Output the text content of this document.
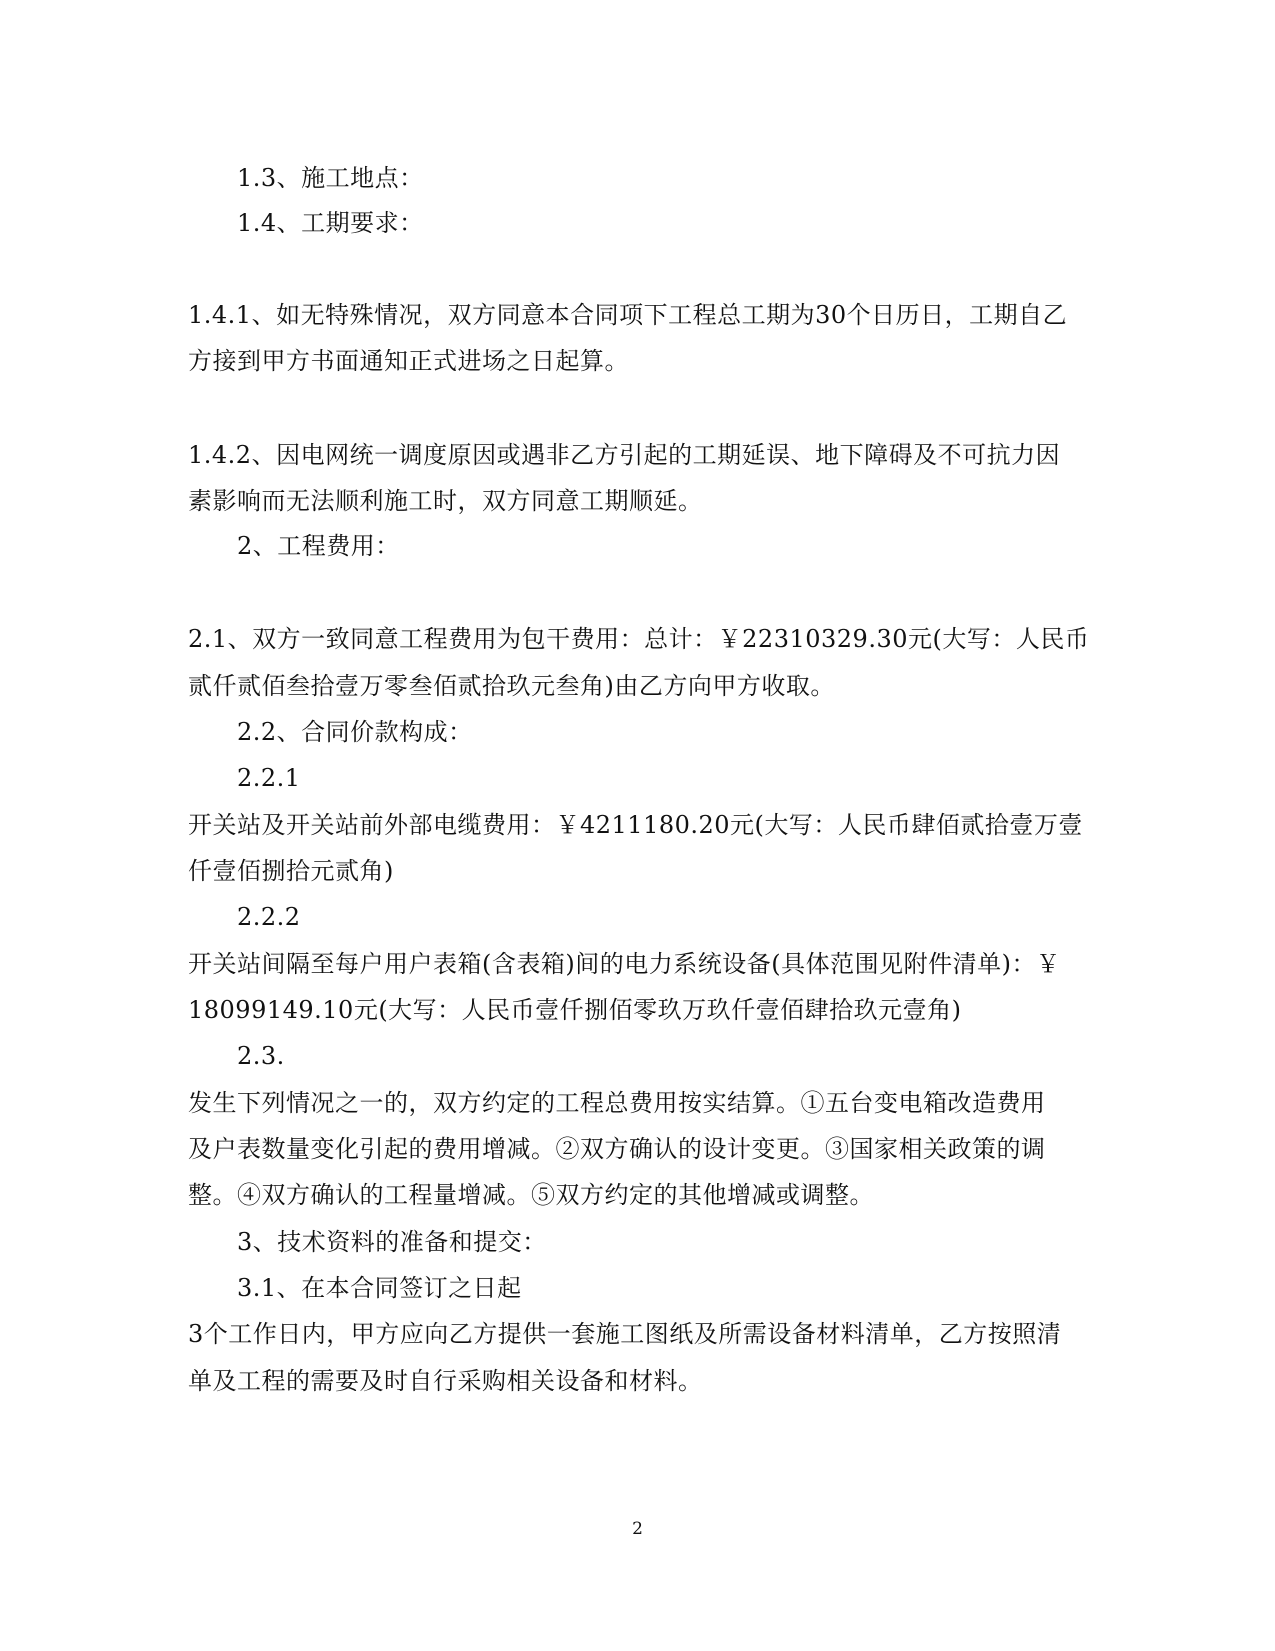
1.3、施工地点：
1.4、工期要求：
1.4.1、如无特殊情况，双方同意本合同项下工程总工期为30个日历日，工期自乙
方接到甲方书面通知正式进场之日起算。
1.4.2、因电网统一调度原因或遇非乙方引起的工期延误、地下障碍及不可抗力因
素影响而无法顺利施工时，双方同意工期顺延。
2、工程费用：
2.1、双方一致同意工程费用为包干费用：总计：￥22310329.30元(大写：人民币
贰仟贰佰叁拾壹万零叁佰贰拾玖元叁角)由乙方向甲方收取。
2.2、合同价款构成：
2.2.1
开关站及开关站前外部电缆费用：￥4211180.20元(大写：人民币肆佰贰拾壹万壹
仟壹佰捌拾元贰角)
2.2.2
开关站间隔至每户用户表箱(含表箱)间的电力系统设备(具体范围见附件清单)：￥
18099149.10元(大写：人民币壹仟捌佰零玖万玖仟壹佰肆拾玖元壹角)
2.3.
发生下列情况之一的，双方约定的工程总费用按实结算。①五台变电箱改造费用
及户表数量变化引起的费用增减。②双方确认的设计变更。③国家相关政策的调
整。④双方确认的工程量增减。⑤双方约定的其他增减或调整。
3、技术资料的准备和提交：
3.1、在本合同签订之日起
3个工作日内，甲方应向乙方提供一套施工图纸及所需设备材料清单，乙方按照清
单及工程的需要及时自行采购相关设备和材料。
2
